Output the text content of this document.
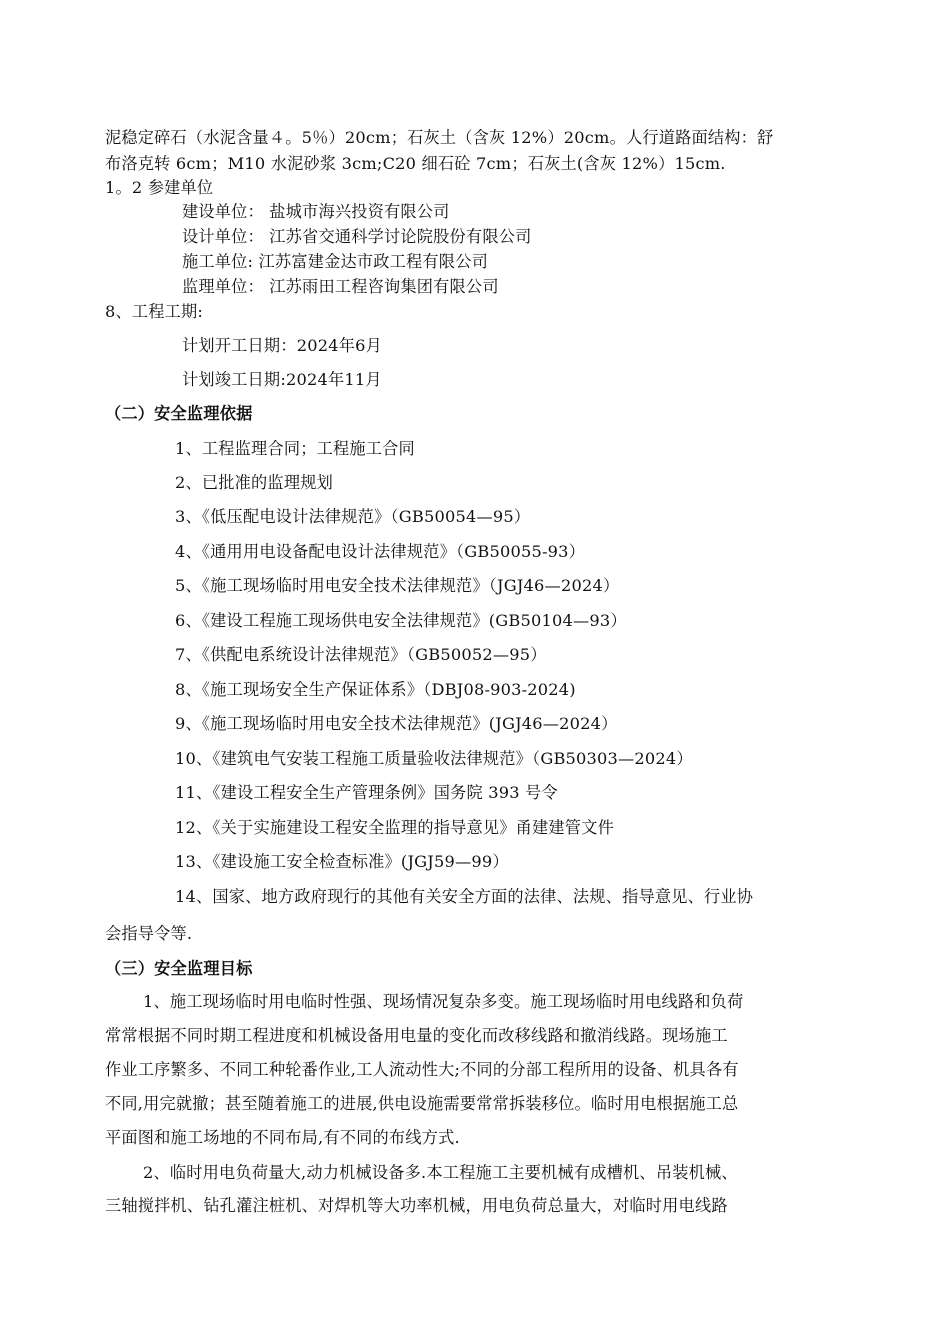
泥稳定碎石（水泥含量４。5％）20cm；石灰土（含灰 12%）20cm。人行道路面结构：舒
布洛克转 6cm；M10 水泥砂浆 3cm;C20 细石砼 7cm；石灰土(含灰 12%）15cm.
1。2 参建单位
建设单位： 盐城市海兴投资有限公司
设计单位： 江苏省交通科学讨论院股份有限公司
施工单位: 江苏富建金达市政工程有限公司
监理单位： 江苏雨田工程咨询集团有限公司
8、工程工期:
计划开工日期：2024年6月
计划竣工日期:2024年11月
（二）安全监理依据
1、工程监理合同；工程施工合同
2、已批准的监理规划
3、《低压配电设计法律规范》（GB50054—95）
4、《通用用电设备配电设计法律规范》（GB50055-93）
5、《施工现场临时用电安全技术法律规范》（JGJ46—2024）
6、《建设工程施工现场供电安全法律规范》(GB50104—93）
7、《供配电系统设计法律规范》（GB50052—95）
8、《施工现场安全生产保证体系》（DBJ08-903-2024)
9、《施工现场临时用电安全技术法律规范》(JGJ46—2024）
10、《建筑电气安装工程施工质量验收法律规范》（GB50303—2024）
11、《建设工程安全生产管理条例》国务院 393 号令
12、《关于实施建设工程安全监理的指导意见》甬建建管文件
13、《建设施工安全检查标准》(JGJ59—99）
14、国家、地方政府现行的其他有关安全方面的法律、法规、指导意见、行业协
会指导令等.
（三）安全监理目标
1、施工现场临时用电临时性强、现场情况复杂多变。施工现场临时用电线路和负荷
常常根据不同时期工程进度和机械设备用电量的变化而改移线路和撤消线路。现场施工
作业工序繁多、不同工种轮番作业,工人流动性大;不同的分部工程所用的设备、机具各有
不同,用完就撤；甚至随着施工的进展,供电设施需要常常拆装移位。临时用电根据施工总
平面图和施工场地的不同布局,有不同的布线方式.
2、临时用电负荷量大,动力机械设备多.本工程施工主要机械有成槽机、吊装机械、
三轴搅拌机、钻孔灌注桩机、对焊机等大功率机械，用电负荷总量大，对临时用电线路
